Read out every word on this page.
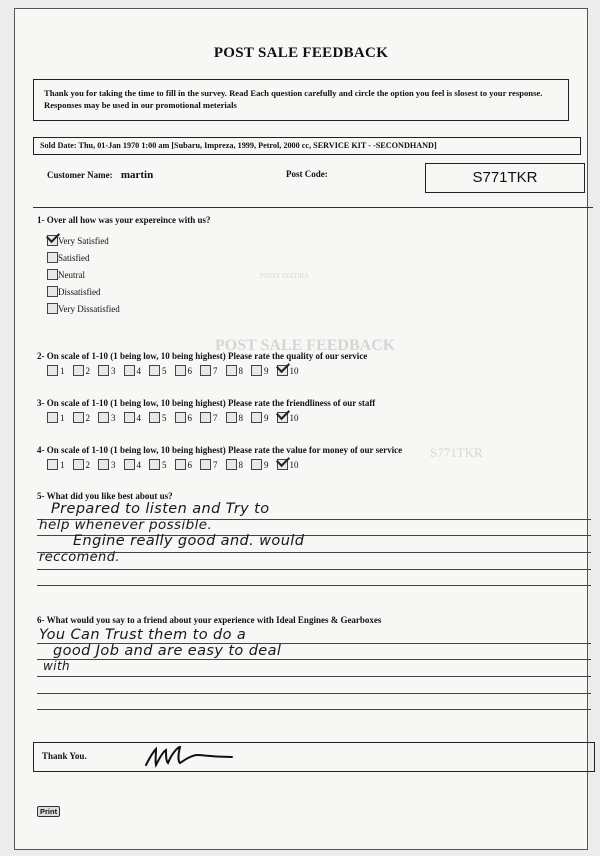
PRINT FEEDBA
POST SALE FEEDBACK
S771TKR
POST SALE FEEDBACK
Thank you for taking the time to fill in the survey. Read Each question carefully and circle the option you feel is slosest to your response. Responses may be used in our promotional meterials
Sold Date: Thu, 01-Jan 1970 1:00 am [Subaru, Impreza, 1999, Petrol, 2000 cc, SERVICE KIT - -SECONDHAND]
Customer Name: martin	Post Code:	S771TKR
1- Over all how was your expereince with us?
Very Satisfied
Satisfied
Neutral
Dissatisfied
Very Dissatisfied
2- On scale of 1-10 (1 being low, 10 being highest) Please rate the quality of our service
1 2 3 4 5 6 7 8 9 10
3- On scale of 1-10 (1 being low, 10 being highest) Please rate the friendliness of our staff
1 2 3 4 5 6 7 8 9 10
4- On scale of 1-10 (1 being low, 10 being highest) Please rate the value for money of our service
1 2 3 4 5 6 7 8 9 10
5- What did you like best about us?
Prepared to listen and Try to
help whenever possible.
Engine really good and. would
reccomend.
6- What would you say to a friend about your experience with Ideal Engines & Gearboxes
You Can Trust them to do a
good Job and are easy to deal
with
Thank You.
Print
